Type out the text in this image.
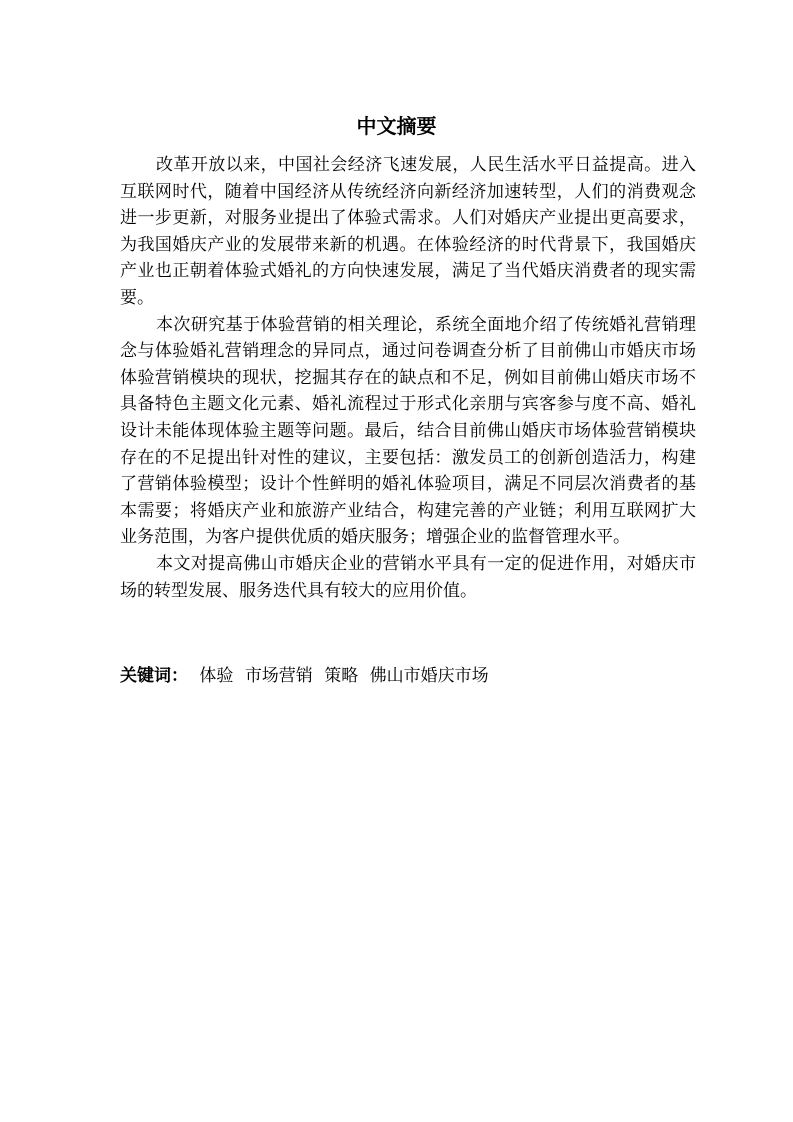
中文摘要

改革开放以来，中国社会经济飞速发展，人民生活水平日益提高。进入互联网时代，随着中国经济从传统经济向新经济加速转型，人们的消费观念进一步更新，对服务业提出了体验式需求。人们对婚庆产业提出更高要求，为我国婚庆产业的发展带来新的机遇。在体验经济的时代背景下，我国婚庆产业也正朝着体验式婚礼的方向快速发展，满足了当代婚庆消费者的现实需要。

本次研究基于体验营销的相关理论，系统全面地介绍了传统婚礼营销理念与体验婚礼营销理念的异同点，通过问卷调查分析了目前佛山市婚庆市场体验营销模块的现状，挖掘其存在的缺点和不足，例如目前佛山婚庆市场不具备特色主题文化元素、婚礼流程过于形式化亲朋与宾客参与度不高、婚礼设计未能体现体验主题等问题。最后，结合目前佛山婚庆市场体验营销模块存在的不足提出针对性的建议，主要包括：激发员工的创新创造活力，构建了营销体验模型；设计个性鲜明的婚礼体验项目，满足不同层次消费者的基本需要；将婚庆产业和旅游产业结合，构建完善的产业链；利用互联网扩大业务范围，为客户提供优质的婚庆服务；增强企业的监督管理水平。

本文对提高佛山市婚庆企业的营销水平具有一定的促进作用，对婚庆市场的转型发展、服务迭代具有较大的应用价值。

关键词： 体验 市场营销 策略 佛山市婚庆市场
